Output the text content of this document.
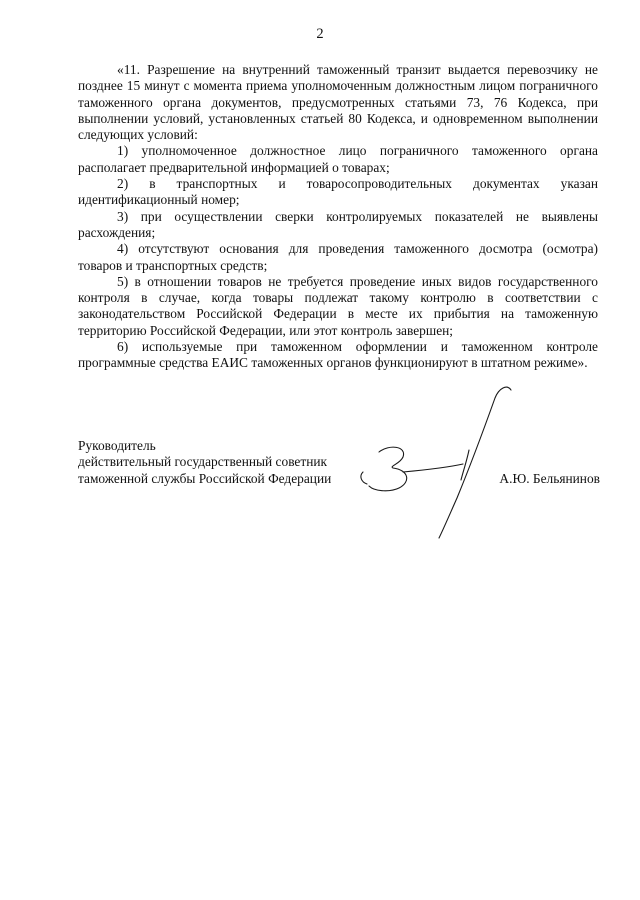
2

«11. Разрешение на внутренний таможенный транзит выдается перевозчику не позднее 15 минут с момента приема уполномоченным должностным лицом пограничного таможенного органа документов, предусмотренных статьями 73, 76 Кодекса, при выполнении условий, установленных статьей 80 Кодекса, и одновременном выполнении следующих условий:

1) уполномоченное должностное лицо пограничного таможенного органа располагает предварительной информацией о товарах;

2) в транспортных и товаросопроводительных документах указан идентификационный номер;

3) при осуществлении сверки контролируемых показателей не выявлены расхождения;

4) отсутствуют основания для проведения таможенного досмотра (осмотра) товаров и транспортных средств;

5) в отношении товаров не требуется проведение иных видов государственного контроля в случае, когда товары подлежат такому контролю в соответствии с законодательством Российской Федерации в месте их прибытия на таможенную территорию Российской Федерации, или этот контроль завершен;

6) используемые при таможенном оформлении и таможенном контроле программные средства ЕАИС таможенных органов функционируют в штатном режиме».

Руководитель
действительный государственный советник
таможенной службы Российской Федерации	А.Ю. Бельянинов
